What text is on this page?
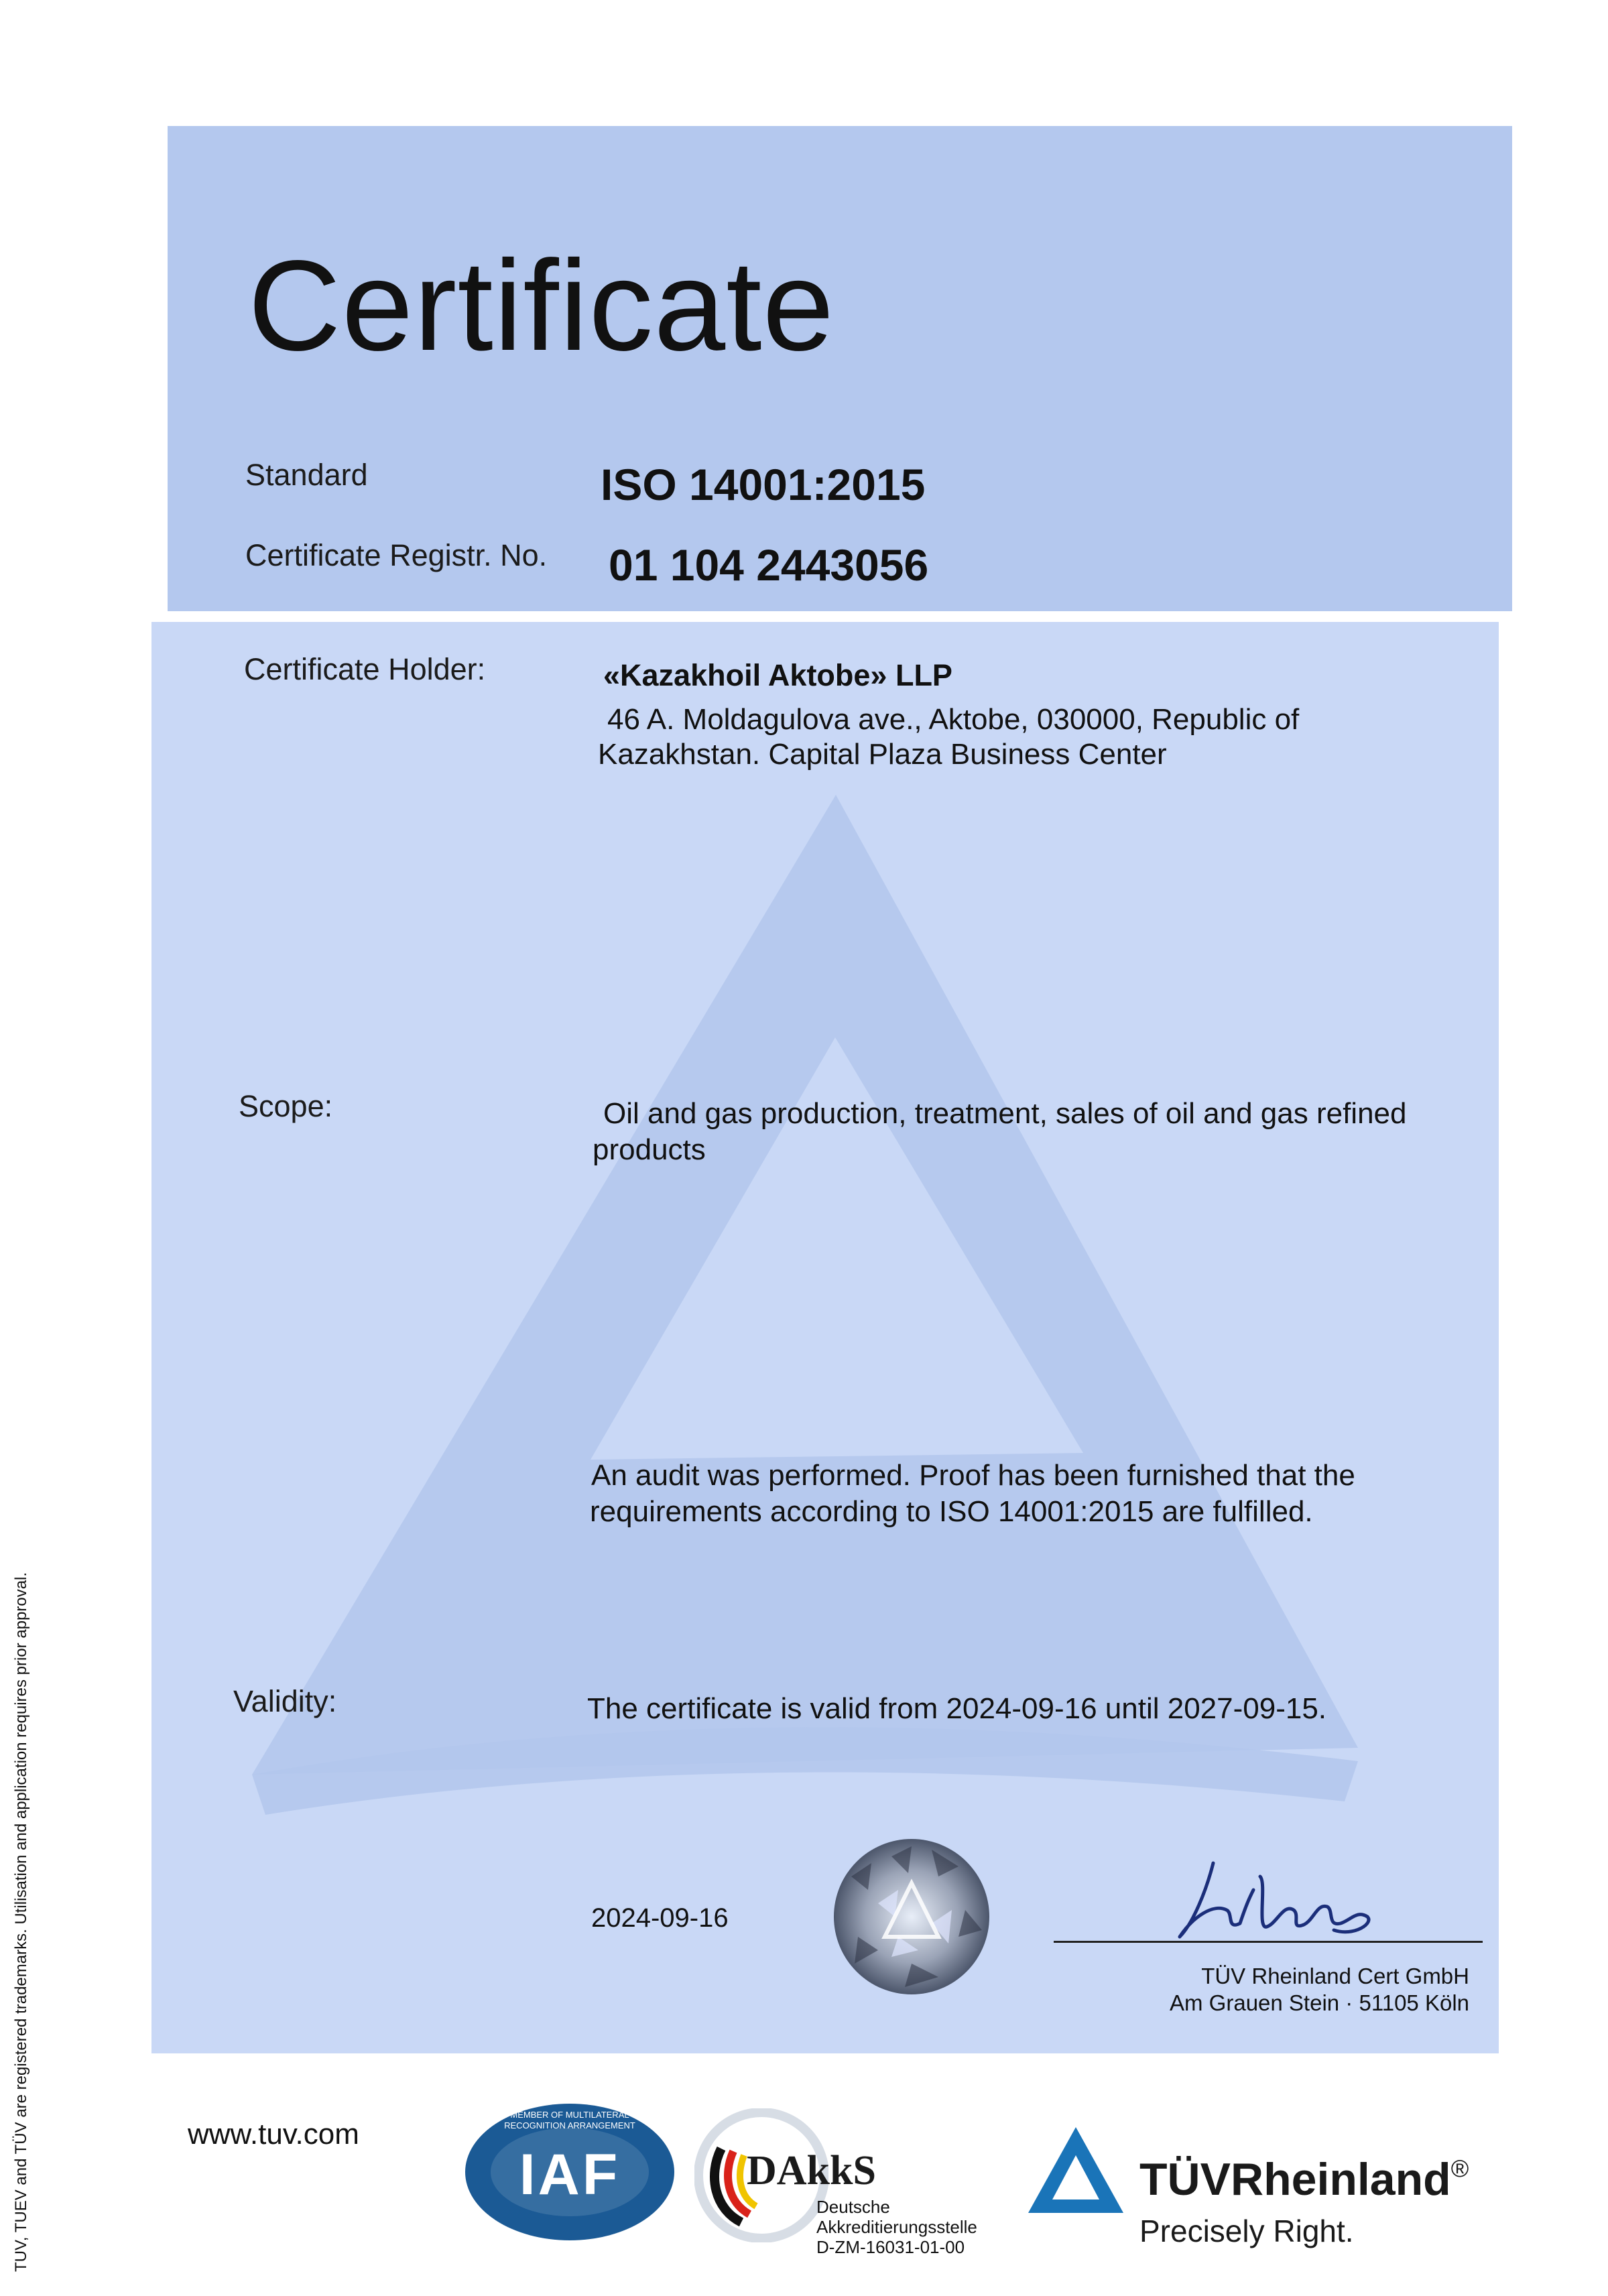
Certificate
Standard	ISO 14001:2015
Certificate Registr. No. 01 104 2443056
Certificate Holder:	«Kazakhoil Aktobe» LLP
46 A. Moldagulova ave., Aktobe, 030000, Republic of
Kazakhstan. Capital Plaza Business Center
Scope:	Oil and gas production, treatment, sales of oil and gas refined
products
An audit was performed. Proof has been furnished that the
requirements according to ISO 14001:2015 are fulfilled.
Validity:	The certificate is valid from 2024-09-16 until 2027-09-15.
2024-09-16
TÜV Rheinland Cert GmbH
Am Grauen Stein · 51105 Köln
TUV, TUEV and TÜV are registered trademarks. Utilisation and application requires prior approval.	www.tuv.com
IAF
MEMBER OF MULTILATERAL RECOGNITION ARRANGEMENT
DAkkS
Deutsche
Akkreditierungsstelle
D-ZM-16031-01-00
TÜVRheinland®
Precisely Right.
